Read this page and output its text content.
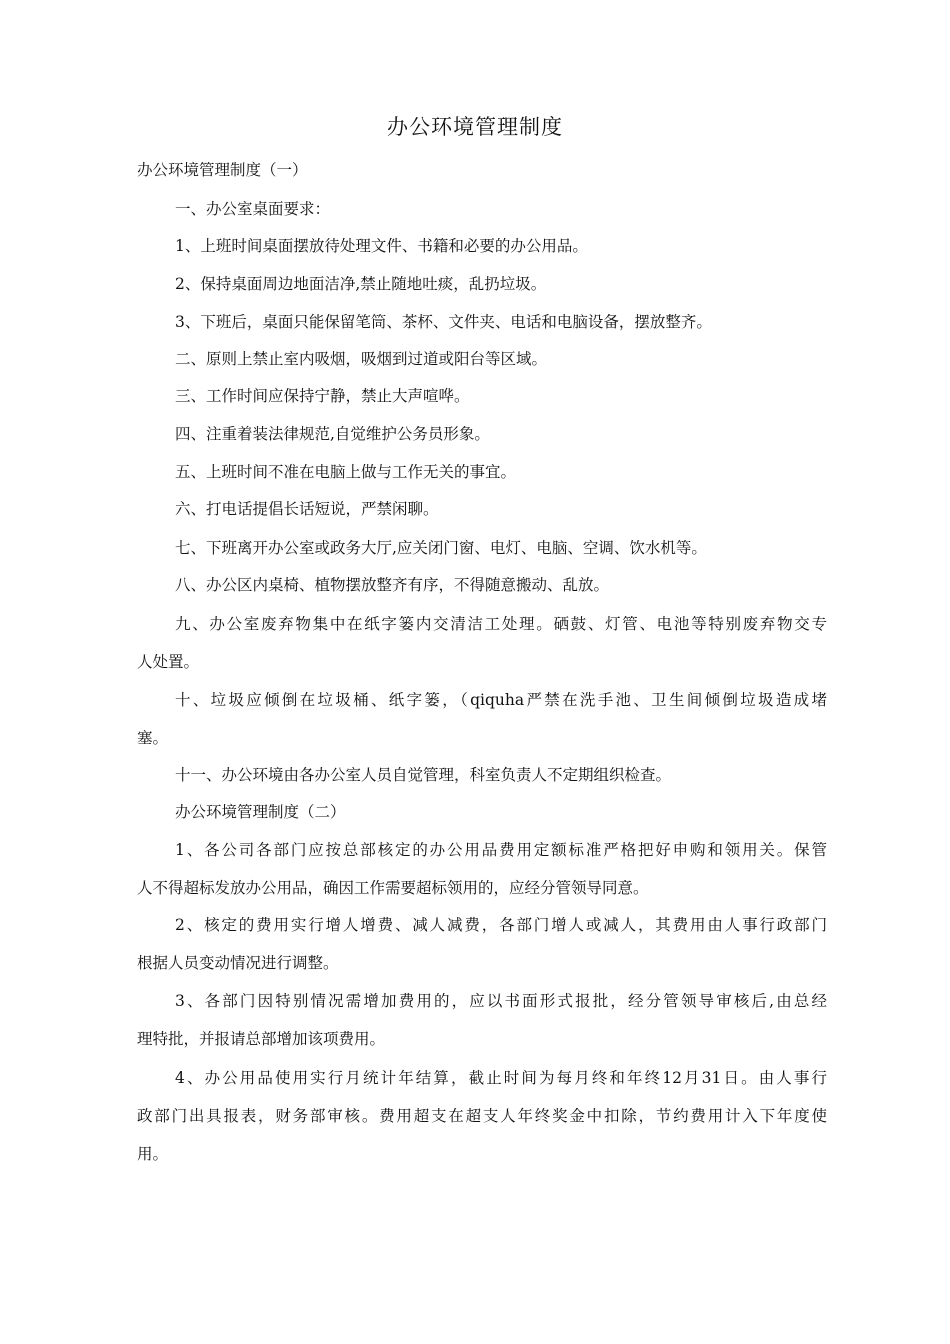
办公环境管理制度
办公环境管理制度（一）
一、办公室桌面要求：
1、上班时间桌面摆放待处理文件、书籍和必要的办公用品。
2、保持桌面周边地面洁净,禁止随地吐痰，乱扔垃圾。
3、下班后，桌面只能保留笔筒、茶杯、文件夹、电话和电脑设备，摆放整齐。
二、原则上禁止室内吸烟，吸烟到过道或阳台等区域。
三、工作时间应保持宁静，禁止大声喧哗。
四、注重着装法律规范,自觉维护公务员形象。
五、上班时间不准在电脑上做与工作无关的事宜。
六、打电话提倡长话短说，严禁闲聊。
七、下班离开办公室或政务大厅,应关闭门窗、电灯、电脑、空调、饮水机等。
八、办公区内桌椅、植物摆放整齐有序，不得随意搬动、乱放。
九、办公室废弃物集中在纸字篓内交清洁工处理。硒鼓、灯管、电池等特别废弃物交专
人处置。
十、垃圾应倾倒在垃圾桶、纸字篓，（qiquha严禁在洗手池、卫生间倾倒垃圾造成堵
塞。
十一、办公环境由各办公室人员自觉管理，科室负责人不定期组织检查。
办公环境管理制度（二）
1、各公司各部门应按总部核定的办公用品费用定额标准严格把好申购和领用关。保管
人不得超标发放办公用品，确因工作需要超标领用的，应经分管领导同意。
2、核定的费用实行增人增费、减人减费，各部门增人或减人，其费用由人事行政部门
根据人员变动情况进行调整。
3、各部门因特别情况需增加费用的，应以书面形式报批，经分管领导审核后,由总经
理特批，并报请总部增加该项费用。
4、办公用品使用实行月统计年结算，截止时间为每月终和年终12月31日。由人事行
政部门出具报表，财务部审核。费用超支在超支人年终奖金中扣除，节约费用计入下年度使
用。
